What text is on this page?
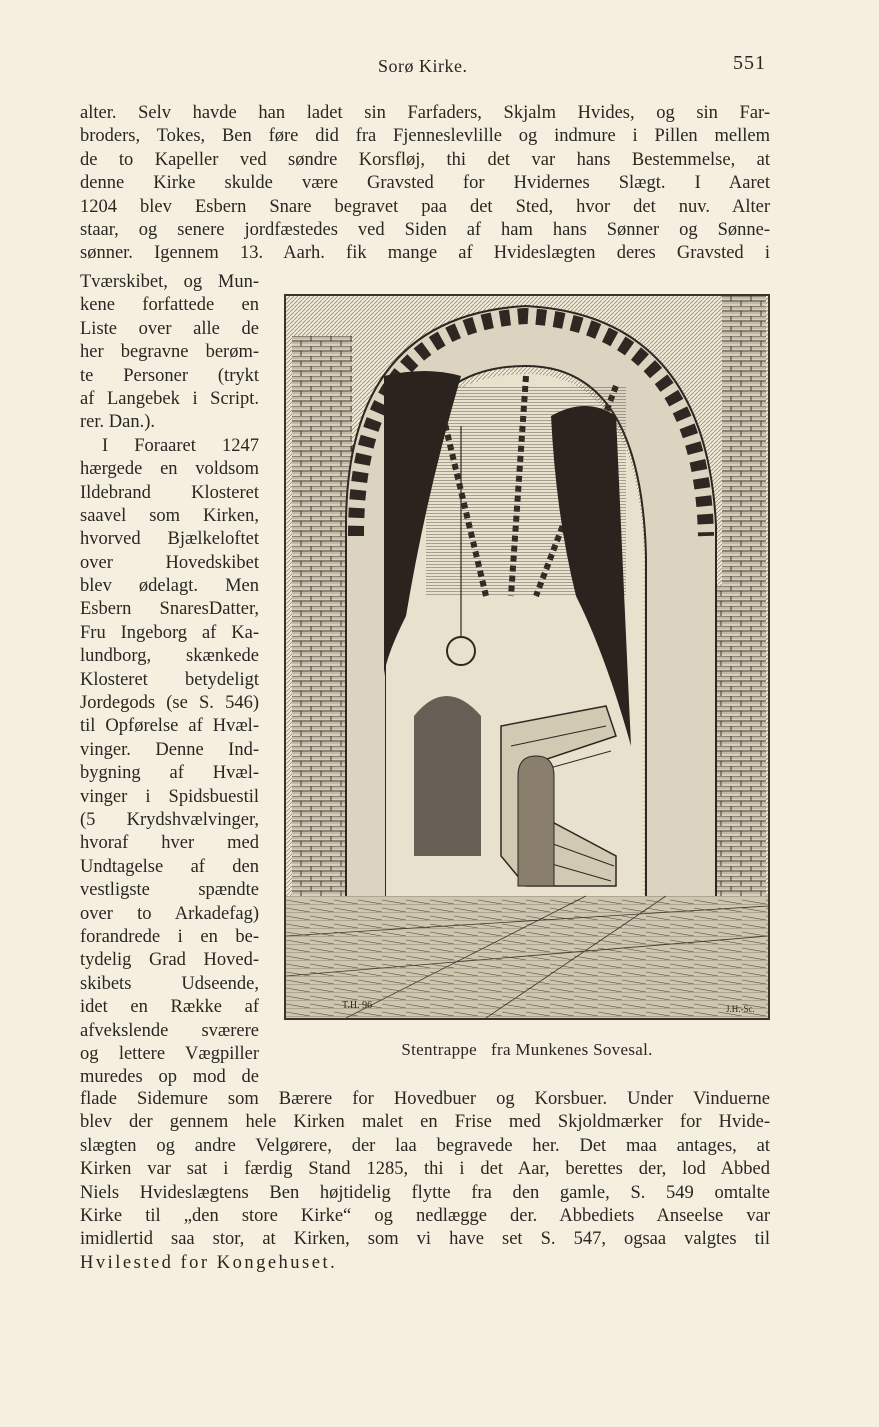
Sorø Kirke.	551
alter. Selv havde han ladet sin Farfaders, Skjalm Hvides, og sin Far-
broders, Tokes, Ben føre did fra Fjenneslevlille og indmure i Pillen mellem
de to Kapeller ved søndre Korsfløj, thi det var hans Bestemmelse, at
denne Kirke skulde være Gravsted for Hvidernes Slægt. I Aaret
1204 blev Esbern Snare begravet paa det Sted, hvor det nuv. Alter
staar, og senere jordfæstedes ved Siden af ham hans Sønner og Sønne-
sønner. Igennem 13. Aarh. fik mange af Hvideslægten deres Gravsted i
Tværskibet, og Mun-
kene forfattede en
Liste over alle de
her begravne berøm-
te Personer (trykt
af Langebek i Script.
rer. Dan.).
I Foraaret 1247
hærgede en voldsom
Ildebrand Klosteret
saavel som Kirken,
hvorved Bjælkeloftet
over Hovedskibet
blev ødelagt. Men
Esbern SnaresDatter,
Fru Ingeborg af Ka-
lundborg, skænkede
Klosteret betydeligt
Jordegods (se S. 546)
til Opførelse af Hvæl-
vinger. Denne Ind-
bygning af Hvæl-
vinger i Spidsbuestil
(5 Krydshvælvinger,
hvoraf hver med
Undtagelse af den
vestligste spændte
over to Arkadefag)
forandrede i en be-
tydelig Grad Hoved-
skibets Udseende,
idet en Række af
afvekslende sværere
og lettere Vægpiller
muredes op mod de
T.H. 96	J.H.-Sc.
Stentrappe fra Munkenes Sovesal.
flade Sidemure som Bærere for Hovedbuer og Korsbuer. Under Vinduerne
blev der gennem hele Kirken malet en Frise med Skjoldmærker for Hvide-
slægten og andre Velgørere, der laa begravede her. Det maa antages, at
Kirken var sat i færdig Stand 1285, thi i det Aar, berettes der, lod Abbed
Niels Hvideslægtens Ben højtidelig flytte fra den gamle, S. 549 omtalte
Kirke til „den store Kirke“ og nedlægge der. Abbediets Anseelse var
imidlertid saa stor, at Kirken, som vi have set S. 547, ogsaa valgtes til
Hvilested for Kongehuset.
